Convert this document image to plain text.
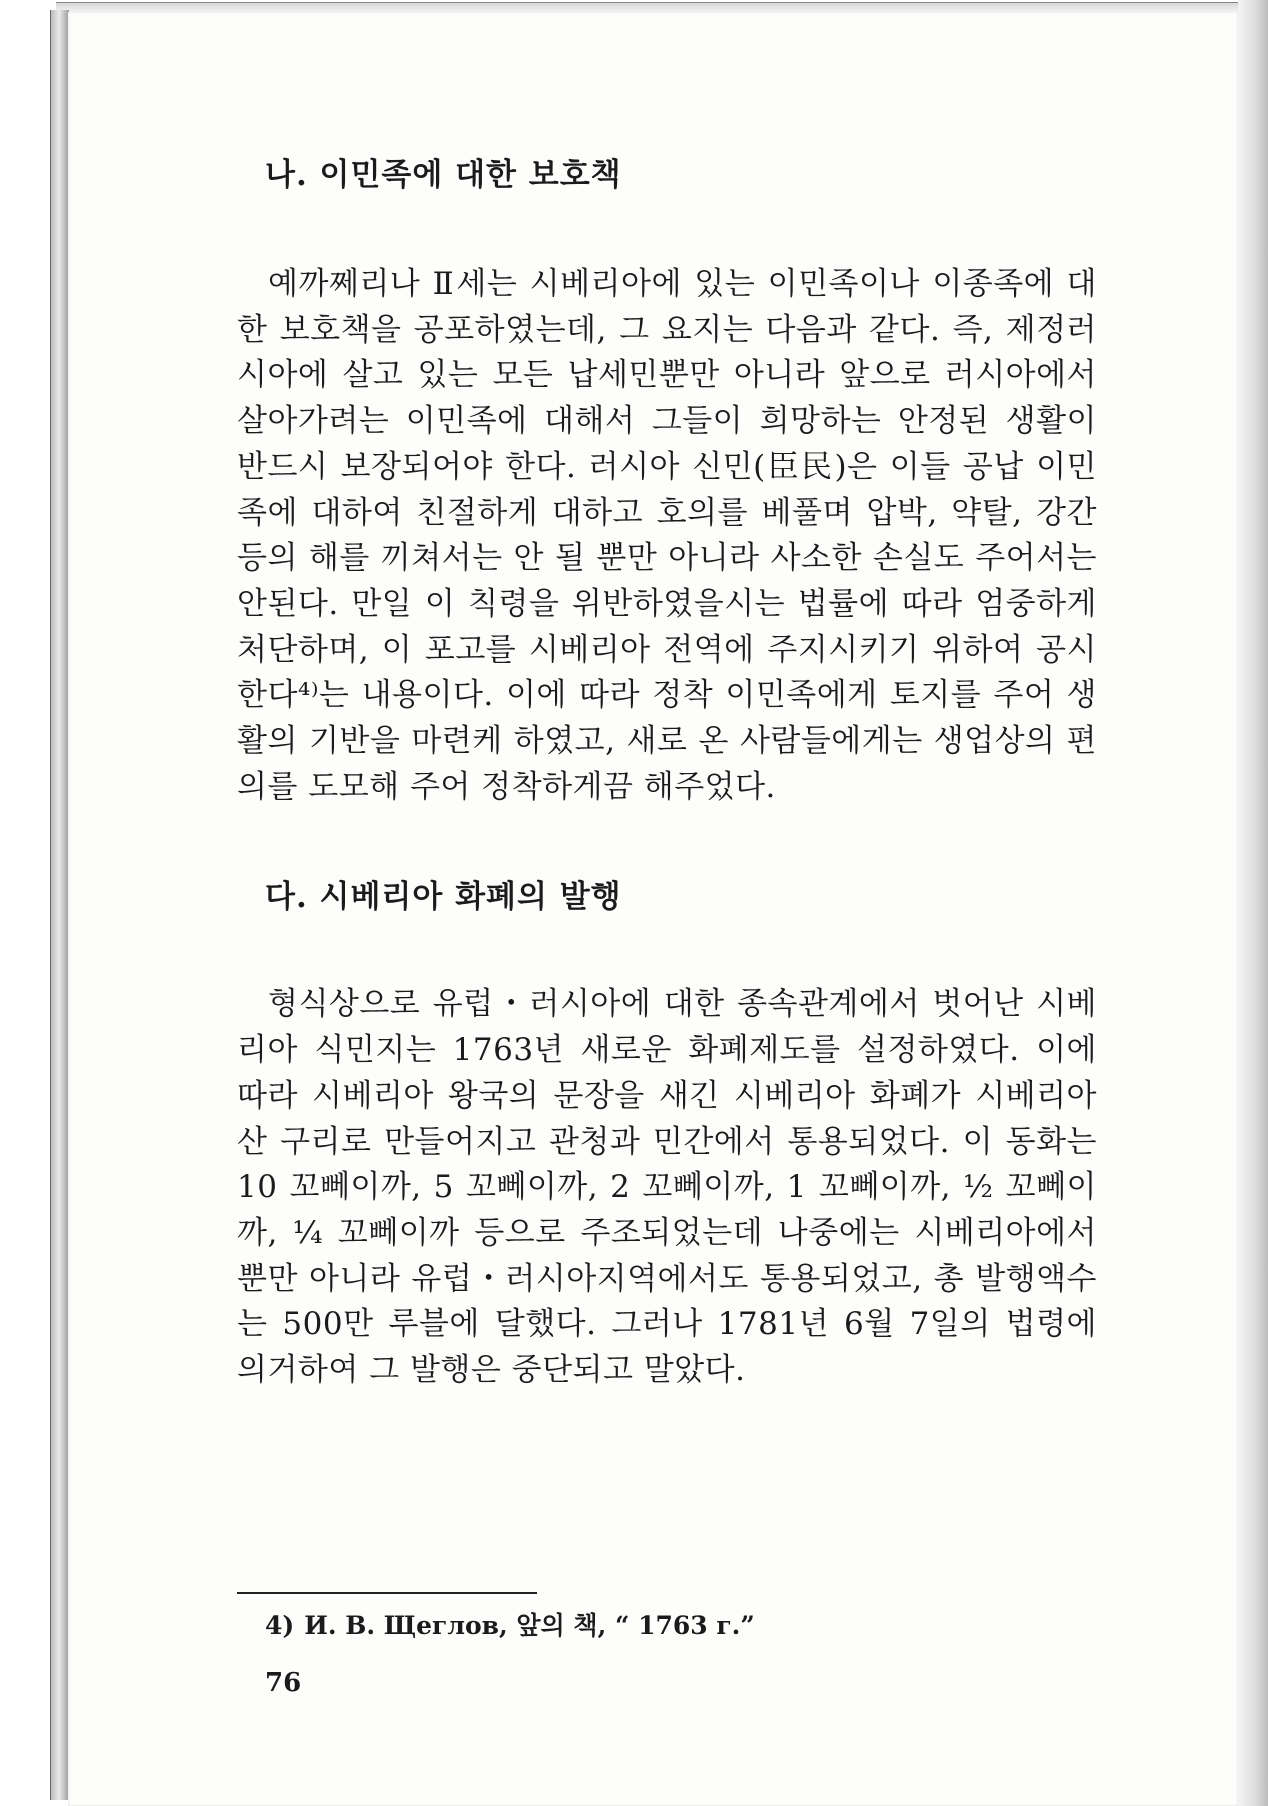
나. 이민족에 대한 보호책

예까쩨리나 Ⅱ세는 시베리아에 있는 이민족이나 이종족에 대한 보호책을 공포하였는데, 그 요지는 다음과 같다. 즉, 제정러시아에 살고 있는 모든 납세민뿐만 아니라 앞으로 러시아에서 살아가려는 이민족에 대해서 그들이 희망하는 안정된 생활이 반드시 보장되어야 한다. 러시아 신민(臣民)은 이들 공납 이민족에 대하여 친절하게 대하고 호의를 베풀며 압박, 약탈, 강간 등의 해를 끼쳐서는 안 될 뿐만 아니라 사소한 손실도 주어서는 안된다. 만일 이 칙령을 위반하였을시는 법률에 따라 엄중하게 처단하며, 이 포고를 시베리아 전역에 주지시키기 위하여 공시한다⁴⁾는 내용이다. 이에 따라 정착 이민족에게 토지를 주어 생활의 기반을 마련케 하였고, 새로 온 사람들에게는 생업상의 편의를 도모해 주어 정착하게끔 해주었다.

다. 시베리아 화폐의 발행

형식상으로 유럽・러시아에 대한 종속관계에서 벗어난 시베리아 식민지는 1763년 새로운 화폐제도를 설정하였다. 이에 따라 시베리아 왕국의 문장을 새긴 시베리아 화폐가 시베리아산 구리로 만들어지고 관청과 민간에서 통용되었다. 이 동화는 10 꼬뻬이까, 5 꼬뻬이까, 2 꼬뻬이까, 1 꼬뻬이까, ½ 꼬뻬이까, ¼ 꼬뻬이까 등으로 주조되었는데 나중에는 시베리아에서뿐만 아니라 유럽・러시아지역에서도 통용되었고, 총 발행액수는 500만 루블에 달했다. 그러나 1781년 6월 7일의 법령에 의거하여 그 발행은 중단되고 말았다.

4) И. В. Щеглов, 앞의 책, “ 1763 г.”
76
